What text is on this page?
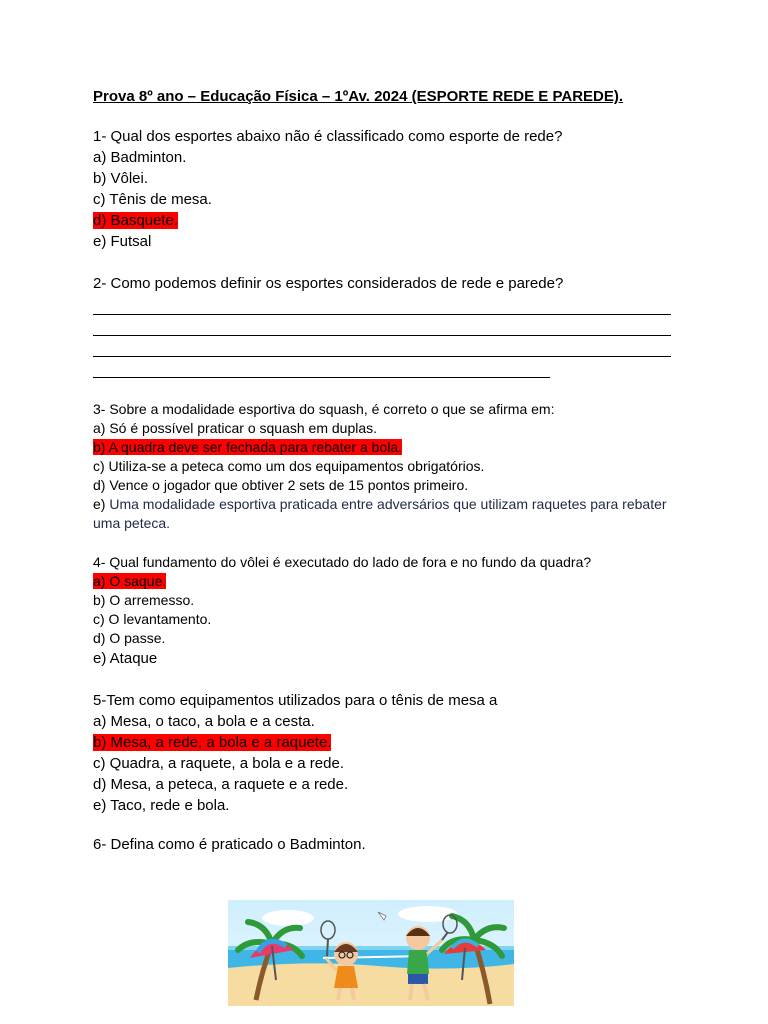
Prova 8º ano – Educação Física – 1ºAv. 2024 (ESPORTE REDE E PAREDE).

1- Qual dos esportes abaixo não é classificado como esporte de rede?

a) Badminton.

b) Vôlei.

c) Tênis de mesa.

d) Basquete.

e) Futsal

2- Como podemos definir os esportes considerados de rede e parede?

3- Sobre a modalidade esportiva do squash, é correto o que se afirma em:

a) Só é possível praticar o squash em duplas.

b) A quadra deve ser fechada para rebater a bola.

c) Utiliza-se a peteca como um dos equipamentos obrigatórios.

d) Vence o jogador que obtiver 2 sets de 15 pontos primeiro.

e) Uma modalidade esportiva praticada entre adversários que utilizam raquetes para rebater uma peteca.

4- Qual fundamento do vôlei é executado do lado de fora e no fundo da quadra?

a) O saque.

b) O arremesso.

c) O levantamento.

d) O passe.

e) Ataque

5-Tem como equipamentos utilizados para o tênis de mesa a

a) Mesa, o taco, a bola e a cesta.

b) Mesa, a rede, a bola e a raquete.

c) Quadra, a raquete, a bola e a rede.

d) Mesa, a peteca, a raquete e a rede.

e) Taco, rede e bola.

6- Defina como é praticado o Badminton.
